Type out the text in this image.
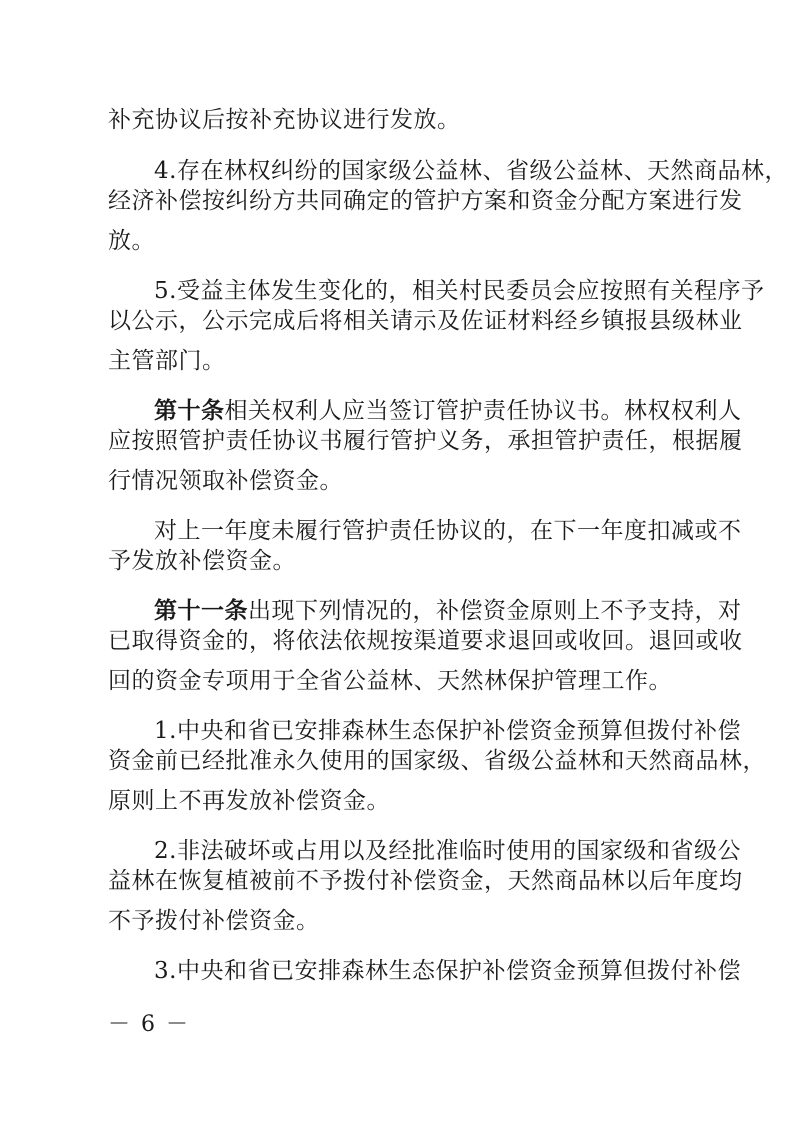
补充协议后按补充协议进行发放。
4.存在林权纠纷的国家级公益林、省级公益林、天然商品林，
经济补偿按纠纷方共同确定的管护方案和资金分配方案进行发
放。
5.受益主体发生变化的，相关村民委员会应按照有关程序予
以公示，公示完成后将相关请示及佐证材料经乡镇报县级林业
主管部门。
第十条相关权利人应当签订管护责任协议书。林权权利人
应按照管护责任协议书履行管护义务，承担管护责任，根据履
行情况领取补偿资金。
对上一年度未履行管护责任协议的，在下一年度扣减或不
予发放补偿资金。
第十一条出现下列情况的，补偿资金原则上不予支持，对
已取得资金的，将依法依规按渠道要求退回或收回。退回或收
回的资金专项用于全省公益林、天然林保护管理工作。
1.中央和省已安排森林生态保护补偿资金预算但拨付补偿
资金前已经批准永久使用的国家级、省级公益林和天然商品林，
原则上不再发放补偿资金。
2.非法破坏或占用以及经批准临时使用的国家级和省级公
益林在恢复植被前不予拨付补偿资金，天然商品林以后年度均
不予拨付补偿资金。
3.中央和省已安排森林生态保护补偿资金预算但拨付补偿
－ 6 －
